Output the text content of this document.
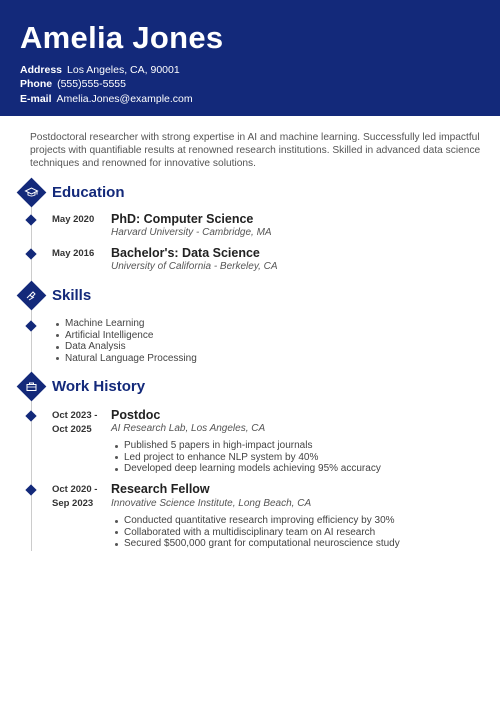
Amelia Jones
Address Los Angeles, CA, 90001
Phone (555)555-5555
E-mail Amelia.Jones@example.com

Postdoctoral researcher with strong expertise in AI and machine learning. Successfully led impactful projects with quantifiable results at renowned research institutions. Skilled in advanced data science techniques and renowned for innovative solutions.

Education
May 2020 PhD: Computer Science
Harvard University - Cambridge, MA
May 2016 Bachelor's: Data Science
University of California - Berkeley, CA
Skills
Machine Learning
Artificial Intelligence
Data Analysis
Natural Language Processing
Work History
Oct 2023 -
Oct 2025
Postdoc
AI Research Lab, Los Angeles, CA
Published 5 papers in high-impact journals
Led project to enhance NLP system by 40%
Developed deep learning models achieving 95% accuracy
Oct 2020 -
Sep 2023
Research Fellow
Innovative Science Institute, Long Beach, CA
Conducted quantitative research improving efficiency by 30%
Collaborated with a multidisciplinary team on AI research
Secured $500,000 grant for computational neuroscience study
